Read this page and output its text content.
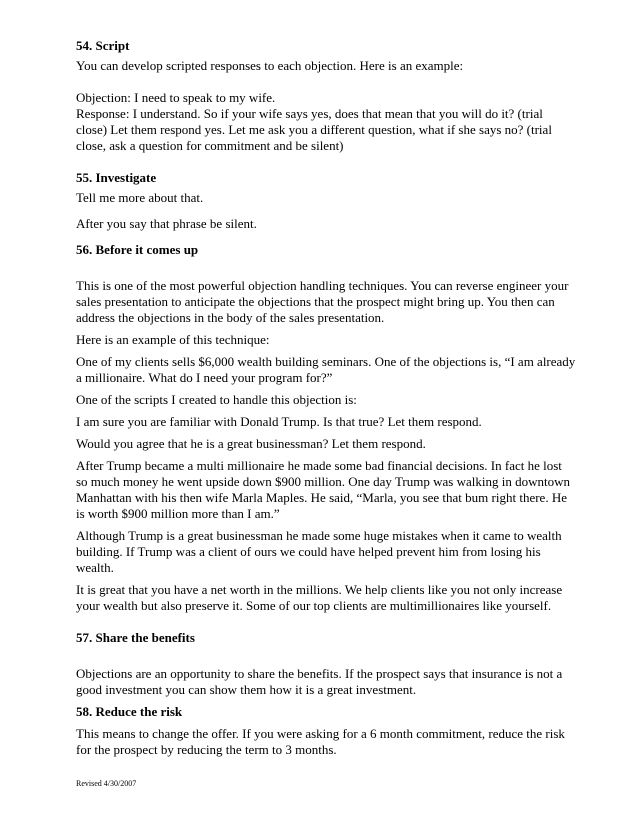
54. Script

You can develop scripted responses to each objection. Here is an example:

Objection: I need to speak to my wife.

Response: I understand. So if your wife says yes, does that mean that you will do it? (trial close) Let them respond yes. Let me ask you a different question, what if she says no? (trial close, ask a question for commitment and be silent)

55. Investigate

Tell me more about that.

After you say that phrase be silent.

56. Before it comes up

This is one of the most powerful objection handling techniques. You can reverse engineer your sales presentation to anticipate the objections that the prospect might bring up. You then can address the objections in the body of the sales presentation.

Here is an example of this technique:

One of my clients sells $6,000 wealth building seminars. One of the objections is, “I am already a millionaire. What do I need your program for?”

One of the scripts I created to handle this objection is:

I am sure you are familiar with Donald Trump. Is that true? Let them respond.

Would you agree that he is a great businessman? Let them respond.

After Trump became a multi millionaire he made some bad financial decisions. In fact he lost so much money he went upside down $900 million. One day Trump was walking in downtown Manhattan with his then wife Marla Maples. He said, “Marla, you see that bum right there. He is worth $900 million more than I am.”

Although Trump is a great businessman he made some huge mistakes when it came to wealth building. If Trump was a client of ours we could have helped prevent him from losing his wealth.

It is great that you have a net worth in the millions. We help clients like you not only increase your wealth but also preserve it. Some of our top clients are multimillionaires like yourself.

57. Share the benefits

Objections are an opportunity to share the benefits. If the prospect says that insurance is not a good investment you can show them how it is a great investment.

58. Reduce the risk

This means to change the offer. If you were asking for a 6 month commitment, reduce the risk for the prospect by reducing the term to 3 months.

Revised 4/30/2007
